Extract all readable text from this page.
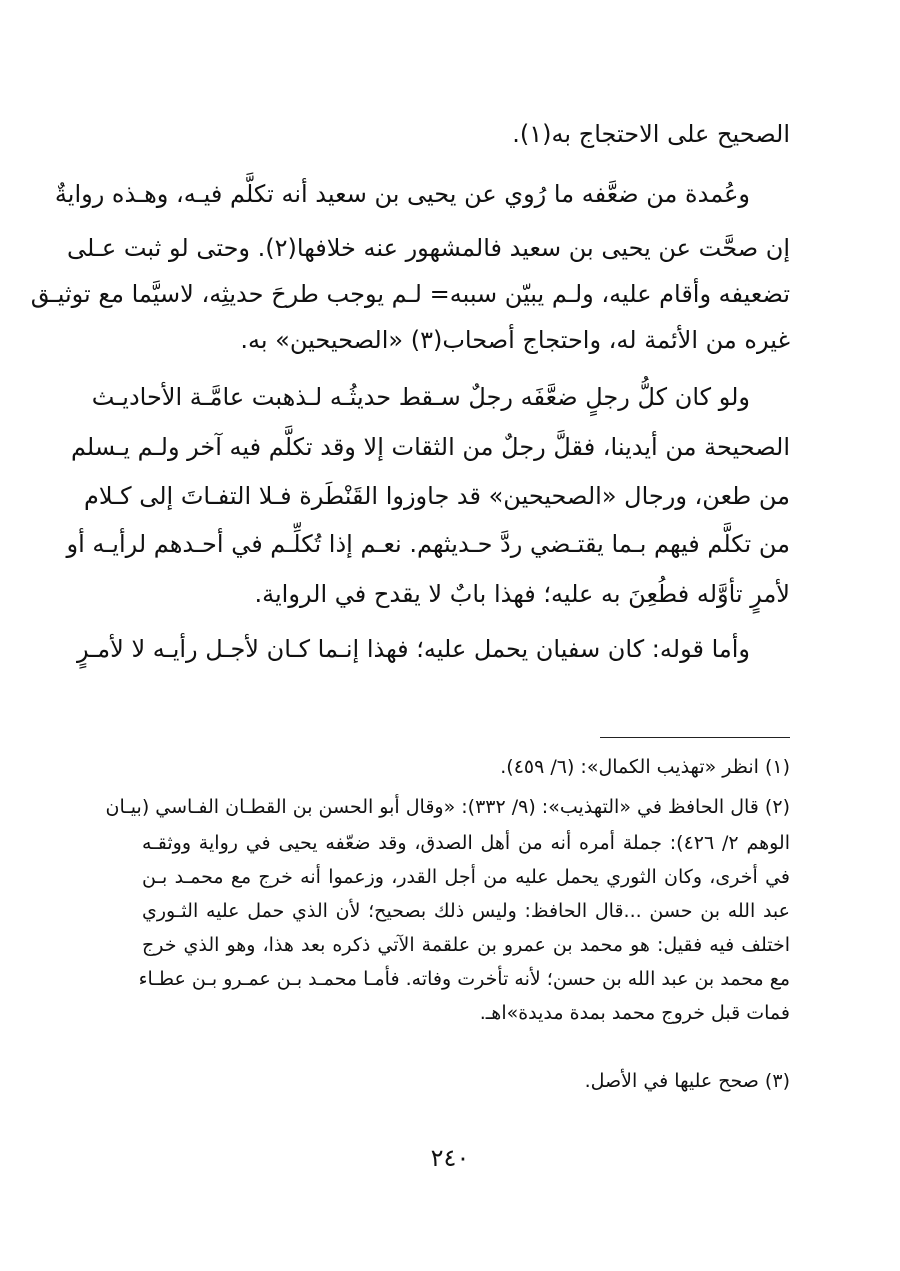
الصحيح على الاحتجاج به(١).

وعُمدة من ضعَّفه ما رُوي عن يحيى بن سعيد أنه تكلَّم فيـه، وهـذه روايةٌ

إن صحَّت عن يحيى بن سعيد فالمشهور عنه خلافها(٢). وحتى لو ثبت عـلى

تضعيفه وأقام عليه، ولـم يبيّن سببه= لـم يوجب طرحَ حديثِه، لاسيَّما مع توثيـق

غيره من الأئمة له، واحتجاج أصحاب(٣) «الصحيحين» به.

ولو كان كلُّ رجلٍ ضعَّفَه رجلٌ سـقط حديثُـه لـذهبت عامَّـة الأحاديـث

الصحيحة من أيدينا، فقلَّ رجلٌ من الثقات إلا وقد تكلَّم فيه آخر ولـم يـسلم

من طعن، ورجال «الصحيحين» قد جاوزوا القَنْطَرة فـلا التفـاتَ إلى كـلام

من تكلَّم فيهم بـما يقتـضي ردَّ حـديثهم. نعـم إذا تُكلِّـم في أحـدهم لرأيـه أو

لأمرٍ تأوَّله فطُعِنَ به عليه؛ فهذا بابٌ لا يقدح في الرواية.

وأما قوله: كان سفيان يحمل عليه؛ فهذا إنـما كـان لأجـل رأيـه لا لأمـرٍ

(١) انظر «تهذيب الكمال»: (٦/ ٤٥٩).

(٢) قال الحافظ في «التهذيب»: (٩/ ٣٣٢): «وقال أبو الحسن بن القطـان الفـاسي (بيـان

الوهم ٢/ ٤٢٦): جملة أمره أنه من أهل الصدق، وقد ضعّفه يحيى في رواية ووثقـه

في أخرى، وكان الثوري يحمل عليه من أجل القدر، وزعموا أنه خرج مع محمـد بـن

عبد الله بن حسن ...قال الحافظ: وليس ذلك بصحيح؛ لأن الذي حمل عليه الثـوري

اختلف فيه فقيل: هو محمد بن عمرو بن علقمة الآتي ذكره بعد هذا، وهو الذي خرج

مع محمد بن عبد الله بن حسن؛ لأنه تأخرت وفاته. فأمـا محمـد بـن عمـرو بـن عطـاء

فمات قبل خروج محمد بمدة مديدة»اهـ.

(٣) صحح عليها في الأصل.

٢٤٠
